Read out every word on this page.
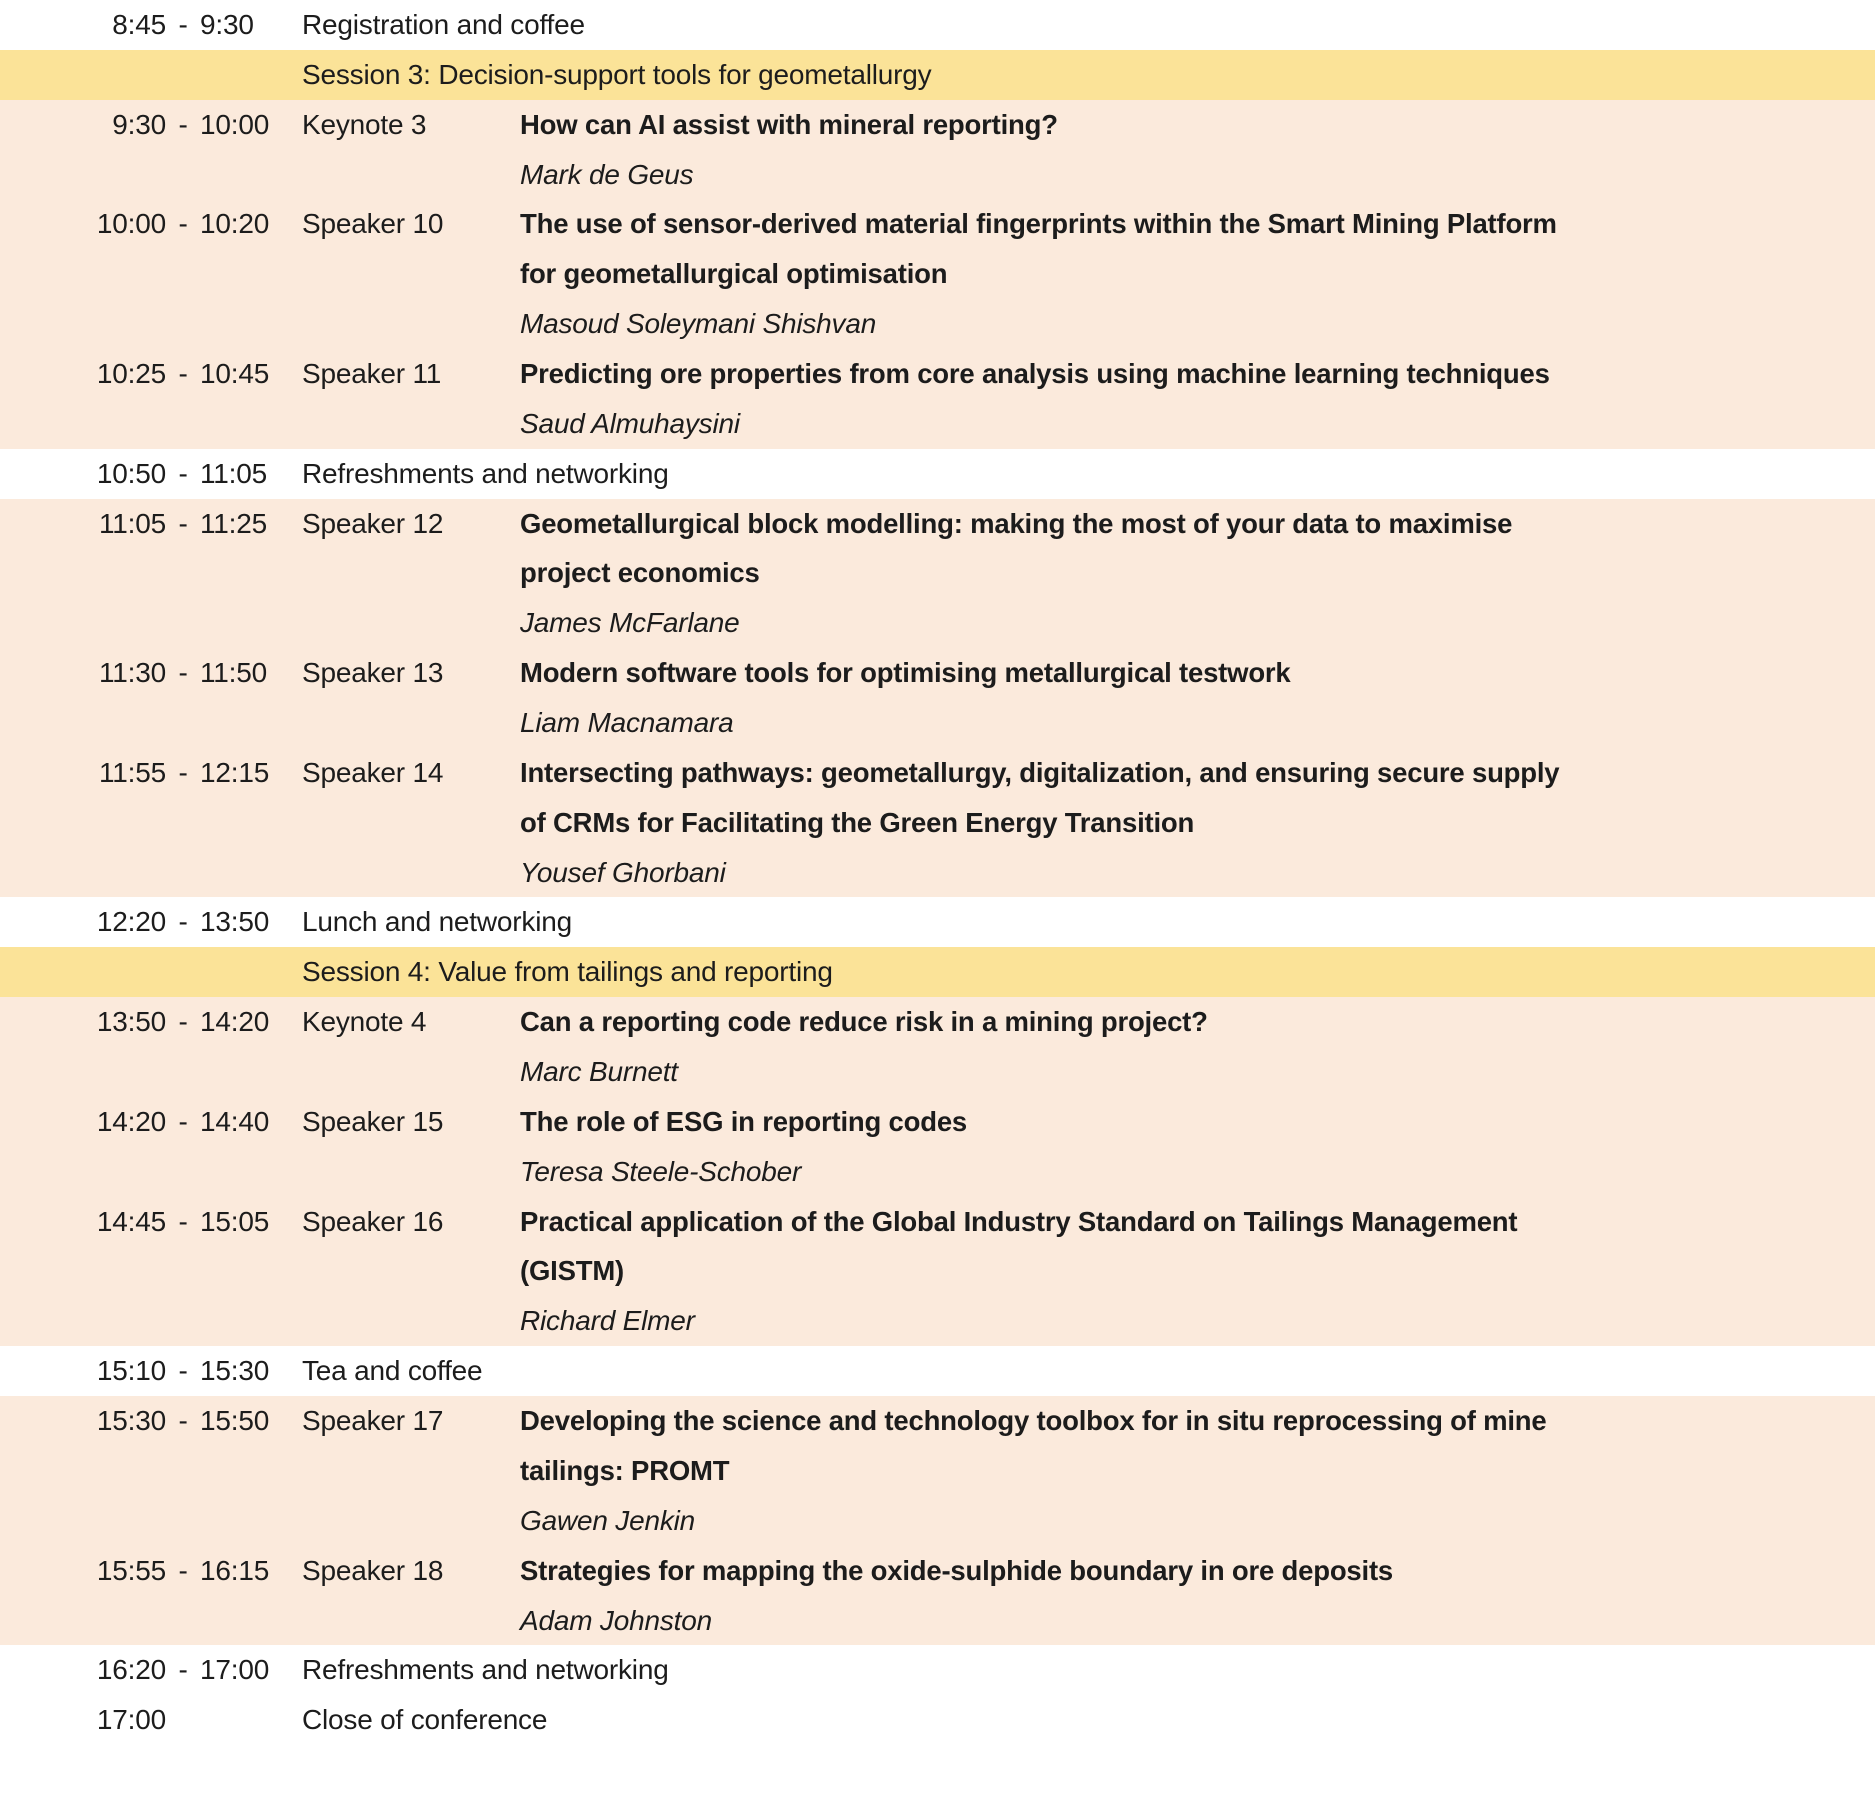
8:45 - 9:30	Registration and coffee
Session 3: Decision-support tools for geometallurgy
9:30 - 10:00	Keynote 3	How can AI assist with mineral reporting?
Mark de Geus
10:00 - 10:20	Speaker 10	The use of sensor-derived material fingerprints within the Smart Mining Platform for geometallurgical optimisation
Masoud Soleymani Shishvan
10:25 - 10:45	Speaker 11	Predicting ore properties from core analysis using machine learning techniques
Saud Almuhaysini
10:50 - 11:05	Refreshments and networking
11:05 - 11:25	Speaker 12	Geometallurgical block modelling: making the most of your data to maximise project economics
James McFarlane
11:30 - 11:50	Speaker 13	Modern software tools for optimising metallurgical testwork
Liam Macnamara
11:55 - 12:15	Speaker 14	Intersecting pathways: geometallurgy, digitalization, and ensuring secure supply of CRMs for Facilitating the Green Energy Transition
Yousef Ghorbani
12:20 - 13:50	Lunch and networking
Session 4: Value from tailings and reporting
13:50 - 14:20	Keynote 4	Can a reporting code reduce risk in a mining project?
Marc Burnett
14:20 - 14:40	Speaker 15	The role of ESG in reporting codes
Teresa Steele-Schober
14:45 - 15:05	Speaker 16	Practical application of the Global Industry Standard on Tailings Management (GISTM)
Richard Elmer
15:10 - 15:30	Tea and coffee
15:30 - 15:50	Speaker 17	Developing the science and technology toolbox for in situ reprocessing of mine tailings: PROMT
Gawen Jenkin
15:55 - 16:15	Speaker 18	Strategies for mapping the oxide-sulphide boundary in ore deposits
Adam Johnston
16:20 - 17:00	Refreshments and networking
17:00	Close of conference
